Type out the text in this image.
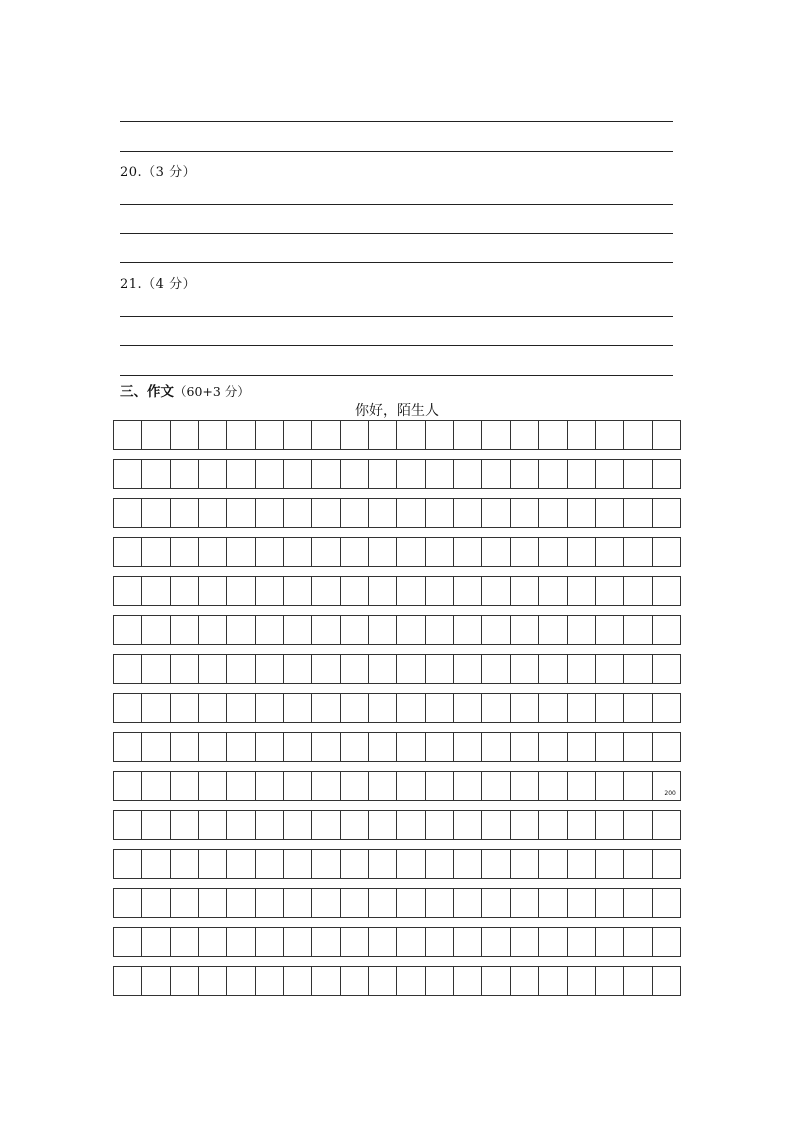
20.（3 分）
21.（4 分）
三、作文（60+3 分）
你好，陌生人
200
